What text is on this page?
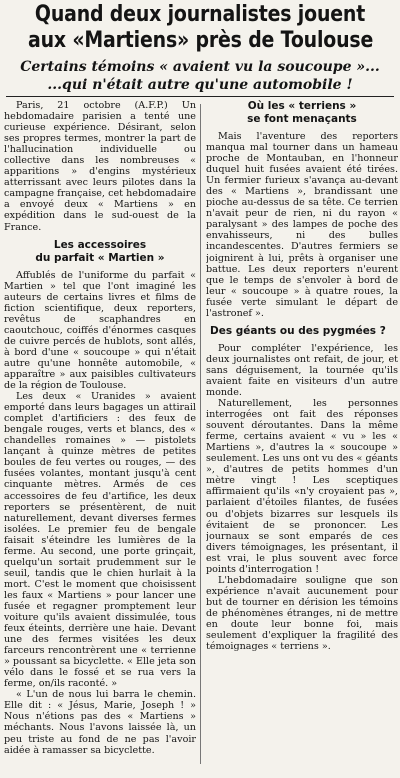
Quand deux journalistes jouent
aux «Martiens» près de Toulouse
Certains témoins « avaient vu la soucoupe »...
...qui n'était autre qu'une automobile !

Paris, 21 octobre (A.F.P.) Un hebdomadaire parisien a tenté une curieuse expérience. Désirant, selon ses propres termes, montrer la part de l'hallucination individuelle ou collective dans les nombreuses « apparitions » d'engins mystérieux atterrissant avec leurs pilotes dans la campagne française, cet hebdomadaire a envoyé deux « Martiens » en expédition dans le sud-ouest de la France.

Les accessoires
du parfait « Martien »

Affublés de l'uniforme du parfait « Martien » tel que l'ont imaginé les auteurs de certains livres et films de fiction scientifique, deux reporters, revêtus de scaphandres en caoutchouc, coiffés d'énormes casques de cuivre percés de hublots, sont allés, à bord d'une « soucoupe » qui n'était autre qu'une honnête automobile, « apparaître » aux paisibles cultivateurs de la région de Toulouse.

Les deux « Uranides » avaient emporté dans leurs bagages un attirail complet d'artificiers : des feux de bengale rouges, verts et blancs, des « chandelles romaines » — pistolets lançant à quinze mètres de petites boules de feu vertes ou rouges, — des fusées volantes, montant jusqu'à cent cinquante mètres. Armés de ces accessoires de feu d'artifice, les deux reporters se présentèrent, de nuit naturellement, devant diverses fermes isolées. Le premier feu de bengale faisait s'éteindre les lumières de la ferme. Au second, une porte grinçait, quelqu'un sortait prudemment sur le seuil, tandis que le chien hurlait à la mort. C'est le moment que choisissent les faux « Martiens » pour lancer une fusée et regagner promptement leur voiture qu'ils avaient dissimulée, tous feux éteints, derrière une haie. Devant une des fermes visitées les deux farceurs rencontrèrent une « terrienne » poussant sa bicyclette. « Elle jeta son vélo dans le fossé et se rua vers la ferme, on/ils raconté. »

« L'un de nous lui barra le chemin. Elle dit : « Jésus, Marie, Joseph ! » Nous n'étions pas des « Martiens » méchants. Nous l'avons laissée là, un peu triste au fond de ne pas l'avoir aidée à ramasser sa bicyclette.

Où les « terriens »
se font menaçants

Mais l'aventure des reporters manqua mal tourner dans un hameau proche de Montauban, en l'honneur duquel huit fusées avaient été tirées. Un fermier furieux s'avança au-devant des « Martiens », brandissant une pioche au-dessus de sa tête. Ce terrien n'avait peur de rien, ni du rayon « paralysant » des lampes de poche des envahisseurs, ni des bulles incandescentes. D'autres fermiers se joignirent à lui, prêts à organiser une battue. Les deux reporters n'eurent que le temps de s'envoler à bord de leur « soucoupe » à quatre roues, la fusée verte simulant le départ de l'astronef ».

Des géants ou des pygmées ?

Pour compléter l'expérience, les deux journalistes ont refait, de jour, et sans déguisement, la tournée qu'ils avaient faite en visiteurs d'un autre monde.

Naturellement, les personnes interrogées ont fait des réponses souvent déroutantes. Dans la même ferme, certains avaient « vu » les « Martiens », d'autres la « soucoupe » seulement. Les uns ont vu des « géants », d'autres de petits hommes d'un mètre vingt ! Les sceptiques affirmaient qu'ils «n'y croyaient pas », parlaient d'étoiles filantes, de fusées ou d'objets bizarres sur lesquels ils évitaient de se prononcer. Les journaux se sont emparés de ces divers témoignages, les présentant, il est vrai, le plus souvent avec force points d'interrogation !

L'hebdomadaire souligne que son expérience n'avait aucunement pour but de tourner en dérision les témoins de phénomènes étranges, ni de mettre en doute leur bonne foi, mais seulement d'expliquer la fragilité des témoignages « terriens ».
